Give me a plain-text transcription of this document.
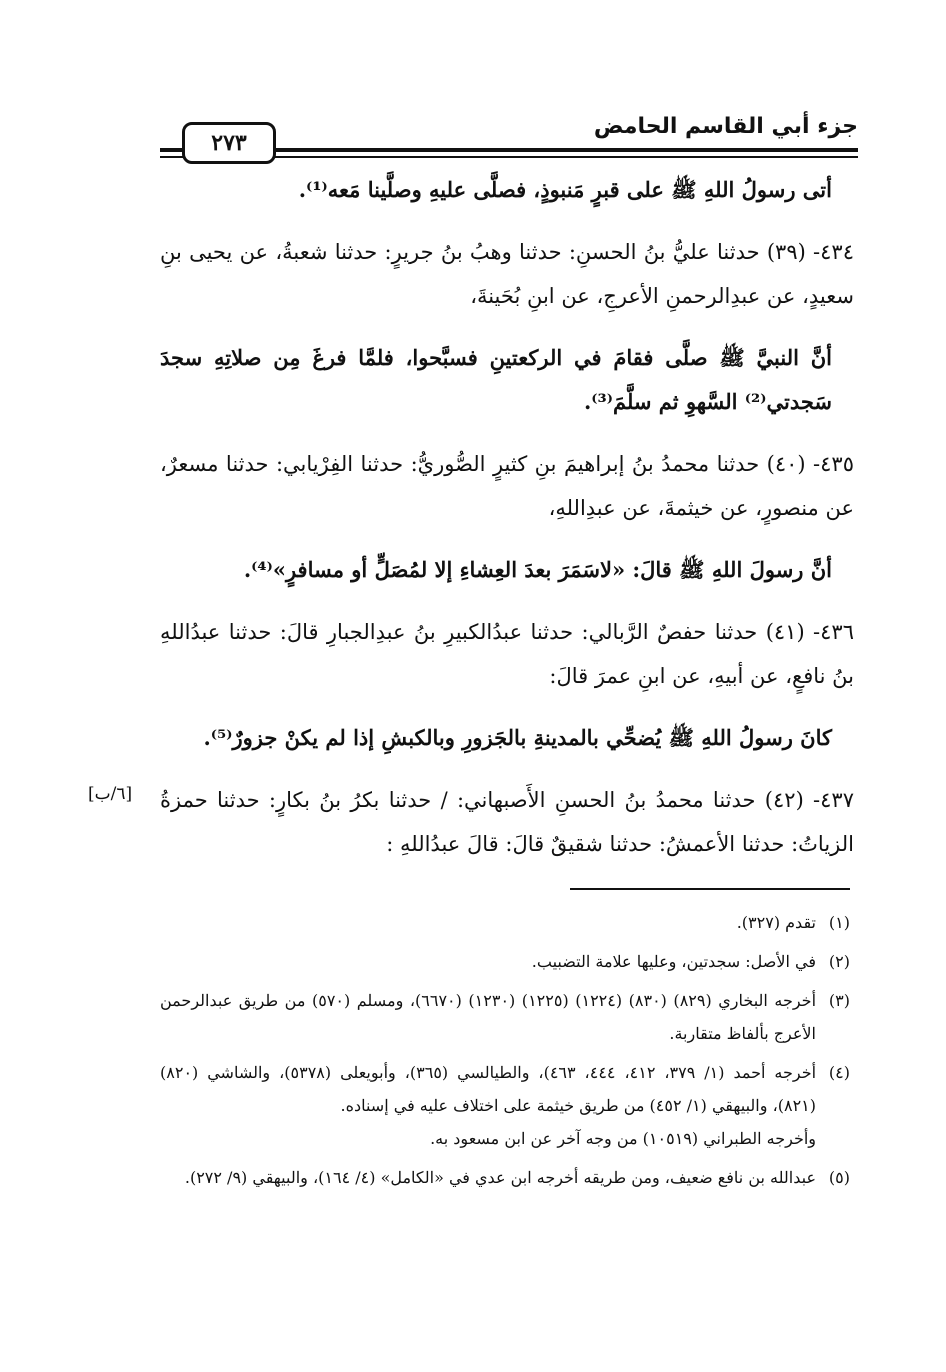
جزء أبي القاسم الحامض
٢٧٣

أتى رسولُ اللهِ ﷺ على قبرٍ مَنبوذٍ، فصلَّى عليهِ وصلَّينا مَعه⁽¹⁾.

٤٣٤- (٣٩) حدثنا عليُّ بنُ الحسنِ: حدثنا وهبُ بنُ جريرٍ: حدثنا شعبةُ، عن يحيى بنِ سعيدٍ، عن عبدِالرحمنِ الأعرجِ، عن ابنِ بُحَينةَ،

أنَّ النبيَّ ﷺ صلَّى فقامَ في الركعتينِ فسبَّحوا، فلمَّا فرغَ مِن صلاتِهِ سجدَ سَجدتي⁽²⁾ السَّهوِ ثم سلَّمَ⁽³⁾.

٤٣٥- (٤٠) حدثنا محمدُ بنُ إبراهيمَ بنِ كثيرٍ الصُّوريُّ: حدثنا الفِرْيابي: حدثنا مسعرٌ، عن منصورٍ، عن خيثمةَ، عن عبدِاللهِ،

أنَّ رسولَ اللهِ ﷺ قالَ: «لاسَمَرَ بعدَ العِشاءِ إلا لمُصَلٍّ أو مسافرٍ»⁽⁴⁾.

٤٣٦- (٤١) حدثنا حفصٌ الرَّبالي: حدثنا عبدُالكبيرِ بنُ عبدِالجبارِ قالَ: حدثنا عبدُاللهِ بنُ نافعٍ، عن أبيهِ، عن ابنِ عمرَ قالَ:

كانَ رسولُ اللهِ ﷺ يُضحِّي بالمدينةِ بالجَزورِ وبالكبشِ إذا لم يكنْ جزورٌ⁽⁵⁾.

٤٣٧- (٤٢) حدثنا محمدُ بنُ الحسنِ الأَصبهاني: / حدثنا بكرُ بنُ بكارٍ: حدثنا حمزةُ الزياتُ: حدثنا الأعمشُ: حدثنا شقيقٌ قالَ: قالَ عبدُاللهِ :

[٦/ب]
(١)
تقدم (٣٢٧).
(٢)
في الأصل: سجدتين، وعليها علامة التضبيب.
(٣)
أخرجه البخاري (٨٢٩) (٨٣٠) (١٢٢٤) (١٢٢٥) (١٢٣٠) (٦٦٧٠)، ومسلم (٥٧٠) من طريق عبدالرحمن الأعرج بألفاظ متقاربة.
(٤)
أخرجه أحمد (١/ ٣٧٩، ٤١٢، ٤٤٤، ٤٦٣)، والطيالسي (٣٦٥)، وأبويعلى (٥٣٧٨)، والشاشي (٨٢٠) (٨٢١)، والبيهقي (١/ ٤٥٢) من طريق خيثمة على اختلاف عليه في إسناده.
وأخرجه الطبراني (١٠٥١٩) من وجه آخر عن ابن مسعود به.
(٥)
عبدالله بن نافع ضعيف، ومن طريقه أخرجه ابن عدي في «الكامل» (٤/ ١٦٤)، والبيهقي (٩/ ٢٧٢).
